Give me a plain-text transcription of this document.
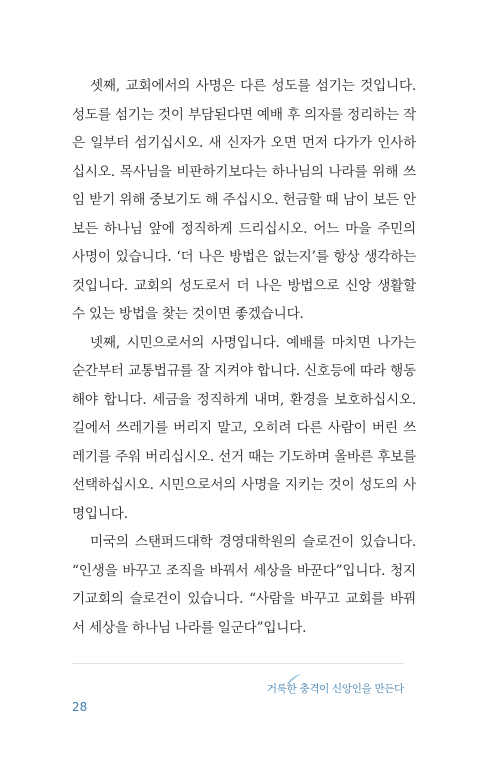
셋째, 교회에서의 사명은 다른 성도를 섬기는 것입니다. 성도를 섬기는 것이 부담된다면 예배 후 의자를 정리하는 작은 일부터 섬기십시오. 새 신자가 오면 먼저 다가가 인사하십시오. 목사님을 비판하기보다는 하나님의 나라를 위해 쓰임 받기 위해 중보기도 해 주십시오. 헌금할 때 남이 보든 안 보든 하나님 앞에 정직하게 드리십시오. 어느 마을 주민의 사명이 있습니다. ‘더 나은 방법은 없는지’를 항상 생각하는 것입니다. 교회의 성도로서 더 나은 방법으로 신앙 생활할 수 있는 방법을 찾는 것이면 좋겠습니다.

넷째, 시민으로서의 사명입니다. 예배를 마치면 나가는 순간부터 교통법규를 잘 지켜야 합니다. 신호등에 따라 행동해야 합니다. 세금을 정직하게 내며, 환경을 보호하십시오. 길에서 쓰레기를 버리지 말고, 오히려 다른 사람이 버린 쓰레기를 주워 버리십시오. 선거 때는 기도하며 올바른 후보를 선택하십시오. 시민으로서의 사명을 지키는 것이 성도의 사명입니다.

미국의 스탠퍼드대학 경영대학원의 슬로건이 있습니다. “인생을 바꾸고 조직을 바꿔서 세상을 바꾼다”입니다. 청지기교회의 슬로건이 있습니다. “사람을 바꾸고 교회를 바꿔서 세상을 하나님 나라를 일군다”입니다.

거룩한 충격이 신앙인을 만든다
28
